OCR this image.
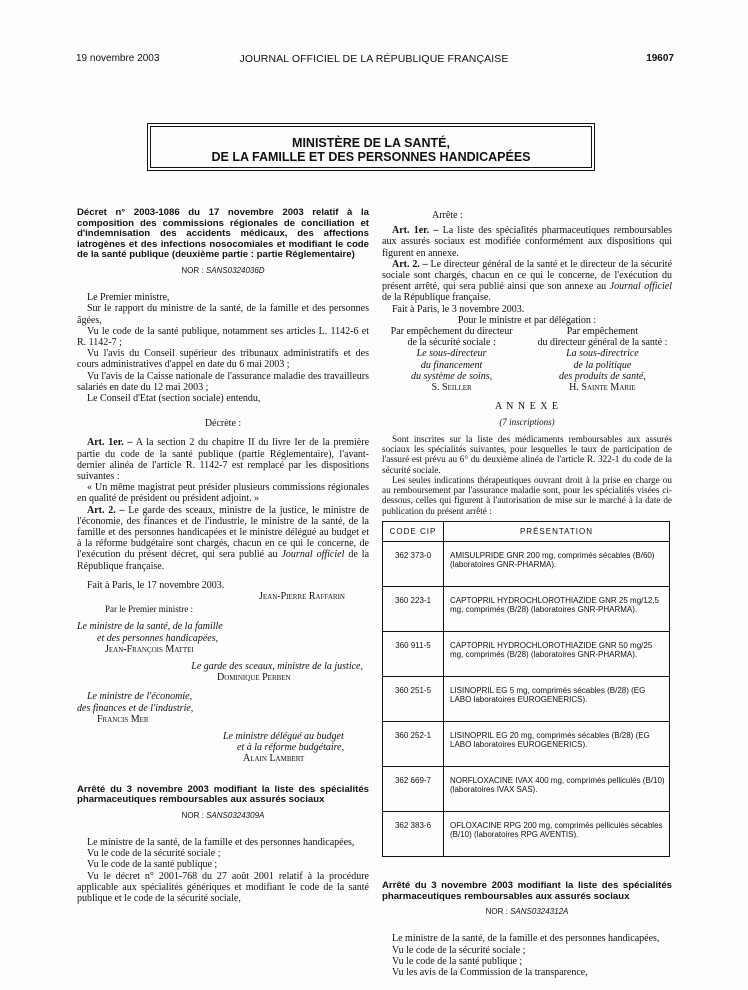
19 novembre 2003	JOURNAL OFFICIEL DE LA RÉPUBLIQUE FRANÇAISE	19607
MINISTÈRE DE LA SANTÉ,
DE LA FAMILLE ET DES PERSONNES HANDICAPÉES
Décret n° 2003-1086 du 17 novembre 2003 relatif à la composition des commissions régionales de conciliation et d'indemnisation des accidents médicaux, des affections iatrogènes et des infections nosocomiales et modifiant le code de la santé publique (deuxième partie : partie Réglementaire)
NOR : SANS0324036D

Le Premier ministre,

Sur le rapport du ministre de la santé, de la famille et des personnes âgées,

Vu le code de la santé publique, notamment ses articles L. 1142-6 et R. 1142-7 ;

Vu l'avis du Conseil supérieur des tribunaux administratifs et des cours administratives d'appel en date du 6 mai 2003 ;

Vu l'avis de la Caisse nationale de l'assurance maladie des travailleurs salariés en date du 12 mai 2003 ;

Le Conseil d'Etat (section sociale) entendu,

Décrète :

Art. 1er. – A la section 2 du chapitre II du livre Ier de la première partie du code de la santé publique (partie Réglementaire), l'avant-dernier alinéa de l'article R. 1142-7 est remplacé par les dispositions suivantes :

« Un même magistrat peut présider plusieurs commissions régionales en qualité de président ou président adjoint. »

Art. 2. – Le garde des sceaux, ministre de la justice, le ministre de l'économie, des finances et de l'industrie, le ministre de la santé, de la famille et des personnes handicapées et le ministre délégué au budget et à la réforme budgétaire sont chargés, chacun en ce qui le concerne, de l'exécution du présent décret, qui sera publié au Journal officiel de la République française.

Fait à Paris, le 17 novembre 2003.

Jean-Pierre Raffarin

Par le Premier ministre :

Le ministre de la santé, de la famille

et des personnes handicapées,

Jean-François Mattei

Le garde des sceaux, ministre de la justice,

Dominique Perben

Le ministre de l'économie,

des finances et de l'industrie,

Francis Mer

Le ministre délégué au budget

et à la réforme budgétaire,

Alain Lambert

Arrêté du 3 novembre 2003 modifiant la liste des spécialités pharmaceutiques remboursables aux assurés sociaux
NOR : SANS0324309A

Le ministre de la santé, de la famille et des personnes handicapées,

Vu le code de la sécurité sociale ;

Vu le code de la santé publique ;

Vu le décret n° 2001-768 du 27 août 2001 relatif à la procédure applicable aux spécialités génériques et modifiant le code de la santé publique et le code de la sécurité sociale,

Arrête :

Art. 1er. – La liste des spécialités pharmaceutiques remboursables aux assurés sociaux est modifiée conformément aux dispositions qui figurent en annexe.

Art. 2. – Le directeur général de la santé et le directeur de la sécurité sociale sont chargés, chacun en ce qui le concerne, de l'exécution du présent arrêté, qui sera publié ainsi que son annexe au Journal officiel de la République française.

Fait à Paris, le 3 novembre 2003.

Pour le ministre et par délégation :

Par empêchement du directeur
de la sécurité sociale :
Le sous-directeur
du financement
du système de soins,
S. Seiller
Par empêchement
du directeur général de la santé :
La sous-directrice
de la politique
des produits de santé,
H. Sainte Marie

A N N E X E

(7 inscriptions)

Sont inscrites sur la liste des médicaments remboursables aux assurés sociaux les spécialités suivantes, pour lesquelles le taux de participation de l'assuré est prévu au 6° du deuxième alinéa de l'article R. 322-1 du code de la sécurité sociale.

Les seules indications thérapeutiques ouvrant droit à la prise en charge ou au remboursement par l'assurance maladie sont, pour les spécialités visées ci-dessous, celles qui figurent à l'autorisation de mise sur le marché à la date de publication du présent arrêté :

CODE CIP	PRÉSENTATION
362 373-0	AMISULPRIDE GNR 200 mg, comprimés sécables (B/60) (laboratoires GNR-PHARMA).
360 223-1	CAPTOPRIL HYDROCHLOROTHIAZIDE GNR 25 mg/12,5 mg, comprimés (B/28) (laboratoires GNR-PHARMA).
360 911-5	CAPTOPRIL HYDROCHLOROTHIAZIDE GNR 50 mg/25 mg, comprimés (B/28) (laboratoires GNR-PHARMA).
360 251-5	LISINOPRIL EG 5 mg, comprimés sécables (B/28) (EG LABO laboratoires EUROGENERICS).
360 252-1	LISINOPRIL EG 20 mg, comprimés sécables (B/28) (EG LABO laboratoires EUROGENERICS).
362 669-7	NORFLOXACINE IVAX 400 mg, comprimés pelliculés (B/10) (laboratoires IVAX SAS).
362 383-6	OFLOXACINE RPG 200 mg, comprimés pelliculés sécables (B/10) (laboratoires RPG AVENTIS).
Arrêté du 3 novembre 2003 modifiant la liste des spécialités pharmaceutiques remboursables aux assurés sociaux
NOR : SANS0324312A

Le ministre de la santé, de la famille et des personnes handicapées,

Vu le code de la sécurité sociale ;

Vu le code de la santé publique ;

Vu les avis de la Commission de la transparence,
